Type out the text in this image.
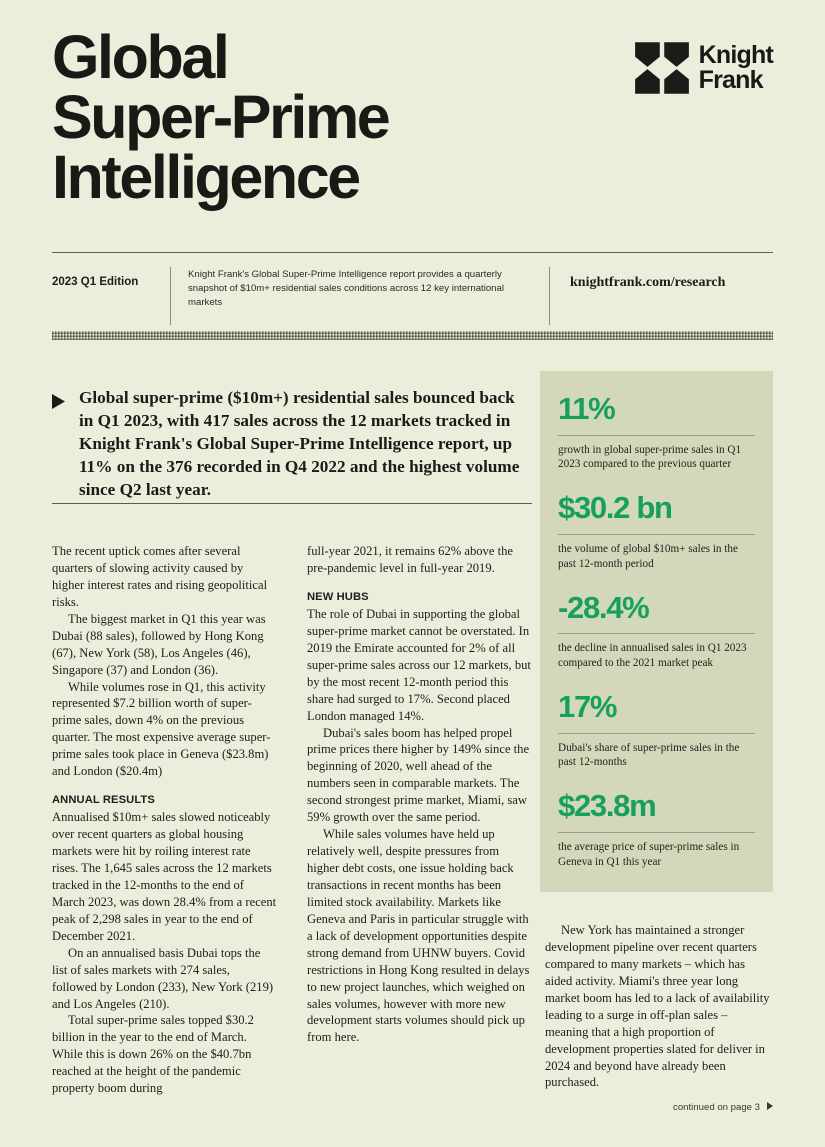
Global
Super-Prime
Intelligence
Knight
Frank
2023 Q1 Edition
Knight Frank's Global Super-Prime Intelligence report provides a quarterly snapshot of $10m+ residential sales conditions across 12 key international markets
knightfrank.com/research

Global super-prime ($10m+) residential sales bounced back in Q1 2023, with 417 sales across the 12 markets tracked in Knight Frank's Global Super-Prime Intelligence report, up 11% on the 376 recorded in Q4 2022 and the highest volume since Q2 last year.

The recent uptick comes after several quarters of slowing activity caused by higher interest rates and rising geopolitical risks.

The biggest market in Q1 this year was Dubai (88 sales), followed by Hong Kong (67), New York (58), Los Angeles (46), Singapore (37) and London (36).

While volumes rose in Q1, this activity represented $7.2 billion worth of super-prime sales, down 4% on the previous quarter. The most expensive average super-prime sales took place in Geneva ($23.8m) and London ($20.4m)

ANNUAL RESULTS

Annualised $10m+ sales slowed noticeably over recent quarters as global housing markets were hit by roiling interest rate rises. The 1,645 sales across the 12 markets tracked in the 12-months to the end of March 2023, was down 28.4% from a recent peak of 2,298 sales in year to the end of December 2021.

On an annualised basis Dubai tops the list of sales markets with 274 sales, followed by London (233), New York (219) and Los Angeles (210).

Total super-prime sales topped $30.2 billion in the year to the end of March. While this is down 26% on the $40.7bn reached at the height of the pandemic property boom during

full-year 2021, it remains 62% above the pre-pandemic level in full-year 2019.

NEW HUBS

The role of Dubai in supporting the global super-prime market cannot be overstated. In 2019 the Emirate accounted for 2% of all super-prime sales across our 12 markets, but by the most recent 12-month period this share had surged to 17%. Second placed London managed 14%.

Dubai's sales boom has helped propel prime prices there higher by 149% since the beginning of 2020, well ahead of the numbers seen in comparable markets. The second strongest prime market, Miami, saw 59% growth over the same period.

While sales volumes have held up relatively well, despite pressures from higher debt costs, one issue holding back transactions in recent months has been limited stock availability. Markets like Geneva and Paris in particular struggle with a lack of development opportunities despite strong demand from UHNW buyers. Covid restrictions in Hong Kong resulted in delays to new project launches, which weighed on sales volumes, however with more new development starts volumes should pick up from here.

11%
growth in global super-prime sales in Q1 2023 compared to the previous quarter
$30.2 bn
the volume of global $10m+ sales in the past 12-month period
-28.4%
the decline in annualised sales in Q1 2023 compared to the 2021 market peak
17%
Dubai's share of super-prime sales in the past 12-months
$23.8m
the average price of super-prime sales in Geneva in Q1 this year

New York has maintained a stronger development pipeline over recent quarters compared to many markets – which has aided activity. Miami's three year long market boom has led to a lack of availability leading to a surge in off-plan sales – meaning that a high proportion of development properties slated for deliver in 2024 and beyond have already been purchased.

continued on page 3
